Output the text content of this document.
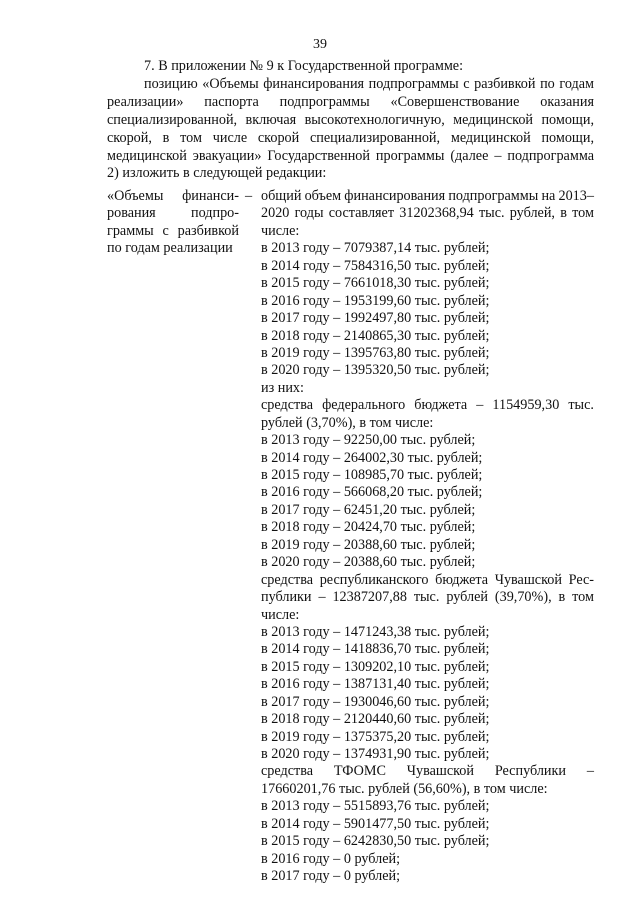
39

7. В приложении № 9 к Государственной программе:

позицию «Объемы финансирования подпрограммы с разбивкой по годам реализации» паспорта подпрограммы «Совершенствование оказания специализированной, включая высокотехнологичную, медицинской помощи, скорой, в том числе скорой специализированной, медицинской помощи, медицинской эвакуации» Государственной программы (далее – подпрограмма 2) изложить в следующей редакции:

«Объемы финанси-
рования подпро-
граммы с разбивкой
по годам реализации
– общий объем финансирования подпрограммы на 2013–
2020 годы составляет 31202368,94 тыс. рублей, в том
числе:
в 2013 году – 7079387,14 тыс. рублей;
в 2014 году – 7584316,50 тыс. рублей;
в 2015 году – 7661018,30 тыс. рублей;
в 2016 году – 1953199,60 тыс. рублей;
в 2017 году – 1992497,80 тыс. рублей;
в 2018 году – 2140865,30 тыс. рублей;
в 2019 году – 1395763,80 тыс. рублей;
в 2020 году – 1395320,50 тыс. рублей;
из них:
средства федерального бюджета – 1154959,30 тыс.
рублей (3,70%), в том числе:
в 2013 году – 92250,00 тыс. рублей;
в 2014 году – 264002,30 тыс. рублей;
в 2015 году – 108985,70 тыс. рублей;
в 2016 году – 566068,20 тыс. рублей;
в 2017 году – 62451,20 тыс. рублей;
в 2018 году – 20424,70 тыс. рублей;
в 2019 году – 20388,60 тыс. рублей;
в 2020 году – 20388,60 тыс. рублей;
средства республиканского бюджета Чувашской Рес-
публики – 12387207,88 тыс. рублей (39,70%), в том
числе:
в 2013 году – 1471243,38 тыс. рублей;
в 2014 году – 1418836,70 тыс. рублей;
в 2015 году – 1309202,10 тыс. рублей;
в 2016 году – 1387131,40 тыс. рублей;
в 2017 году – 1930046,60 тыс. рублей;
в 2018 году – 2120440,60 тыс. рублей;
в 2019 году – 1375375,20 тыс. рублей;
в 2020 году – 1374931,90 тыс. рублей;
средства ТФОМС Чувашской Республики –
17660201,76 тыс. рублей (56,60%), в том числе:
в 2013 году – 5515893,76 тыс. рублей;
в 2014 году – 5901477,50 тыс. рублей;
в 2015 году – 6242830,50 тыс. рублей;
в 2016 году – 0 рублей;
в 2017 году – 0 рублей;
